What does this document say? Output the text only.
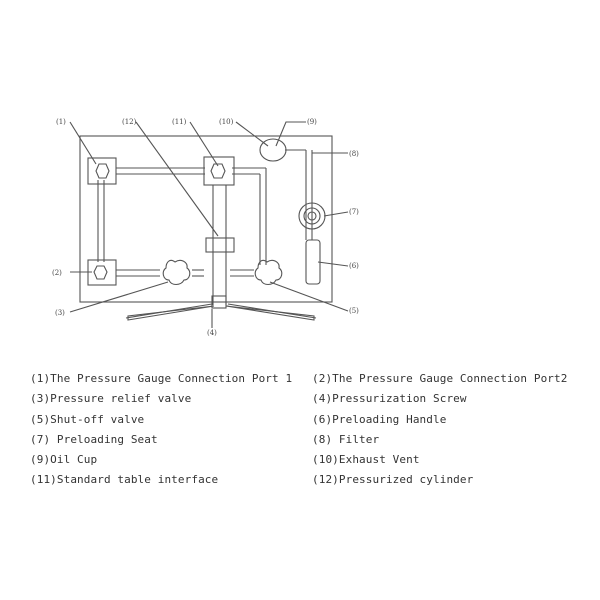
(1)
(2)
(3)
(4)
(5)
(6)
(7)
(8)
(9)
(10)
(11)
(12)
(1)The Pressure Gauge Connection Port 1 (2)The Pressure Gauge Connection Port2
(3)Pressure relief valve	(4)Pressurization Screw
(5)Shut-off valve	(6)Preloading Handle
(7) Preloading Seat	(8) Filter
(9)Oil Cup	(10)Exhaust Vent
(11)Standard table interface	(12)Pressurized cylinder
